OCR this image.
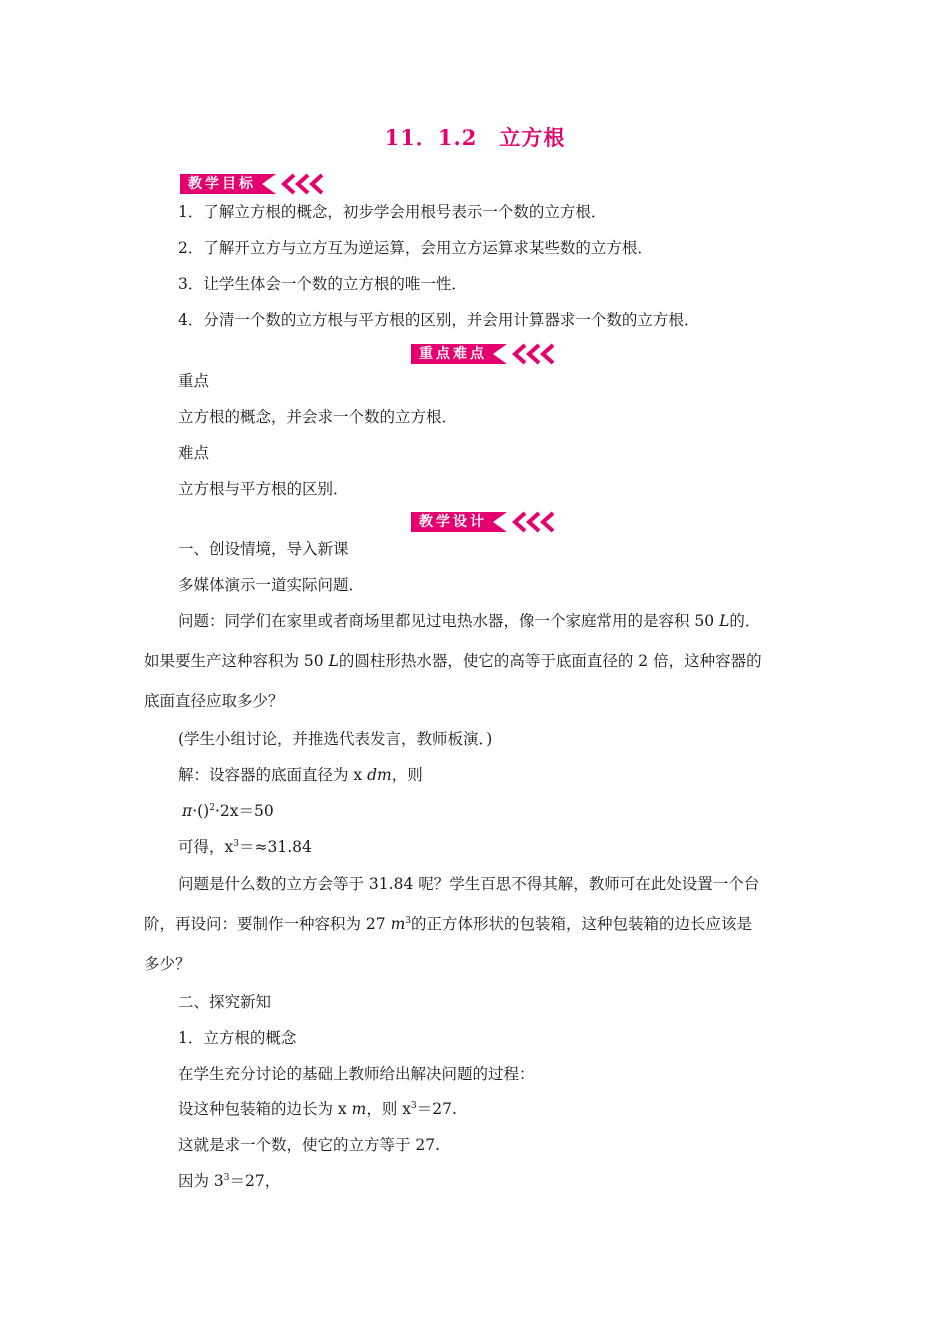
11．1.2　立方根
教学目标
1．了解立方根的概念，初步学会用根号表示一个数的立方根．
2．了解开立方与立方互为逆运算，会用立方运算求某些数的立方根．
3．让学生体会一个数的立方根的唯一性．
4．分清一个数的立方根与平方根的区别，并会用计算器求一个数的立方根．
重点难点
重点
立方根的概念，并会求一个数的立方根．
难点
立方根与平方根的区别．
教学设计
一、创设情境，导入新课
多媒体演示一道实际问题．
问题：同学们在家里或者商场里都见过电热水器，像一个家庭常用的是容积 50 L的．
如果要生产这种容积为 50 L的圆柱形热水器，使它的高等于底面直径的 2 倍，这种容器的
底面直径应取多少？
(学生小组讨论，并推选代表发言，教师板演．)
解：设容器的底面直径为 x dm，则
π·()$^2$·2x＝50
可得，$x^3=\approx 31.84$
问题是什么数的立方会等于 31.84 呢？学生百思不得其解，教师可在此处设置一个台
阶，再设问：要制作一种容积为 27 $m^3$的正方体形状的包装箱，这种包装箱的边长应该是
多少？
二、探究新知
1．立方根的概念
在学生充分讨论的基础上教师给出解决问题的过程：
设这种包装箱的边长为 x m，则 $x^3=27$.
这就是求一个数，使它的立方等于 27.
因为 $3^3=27$，
